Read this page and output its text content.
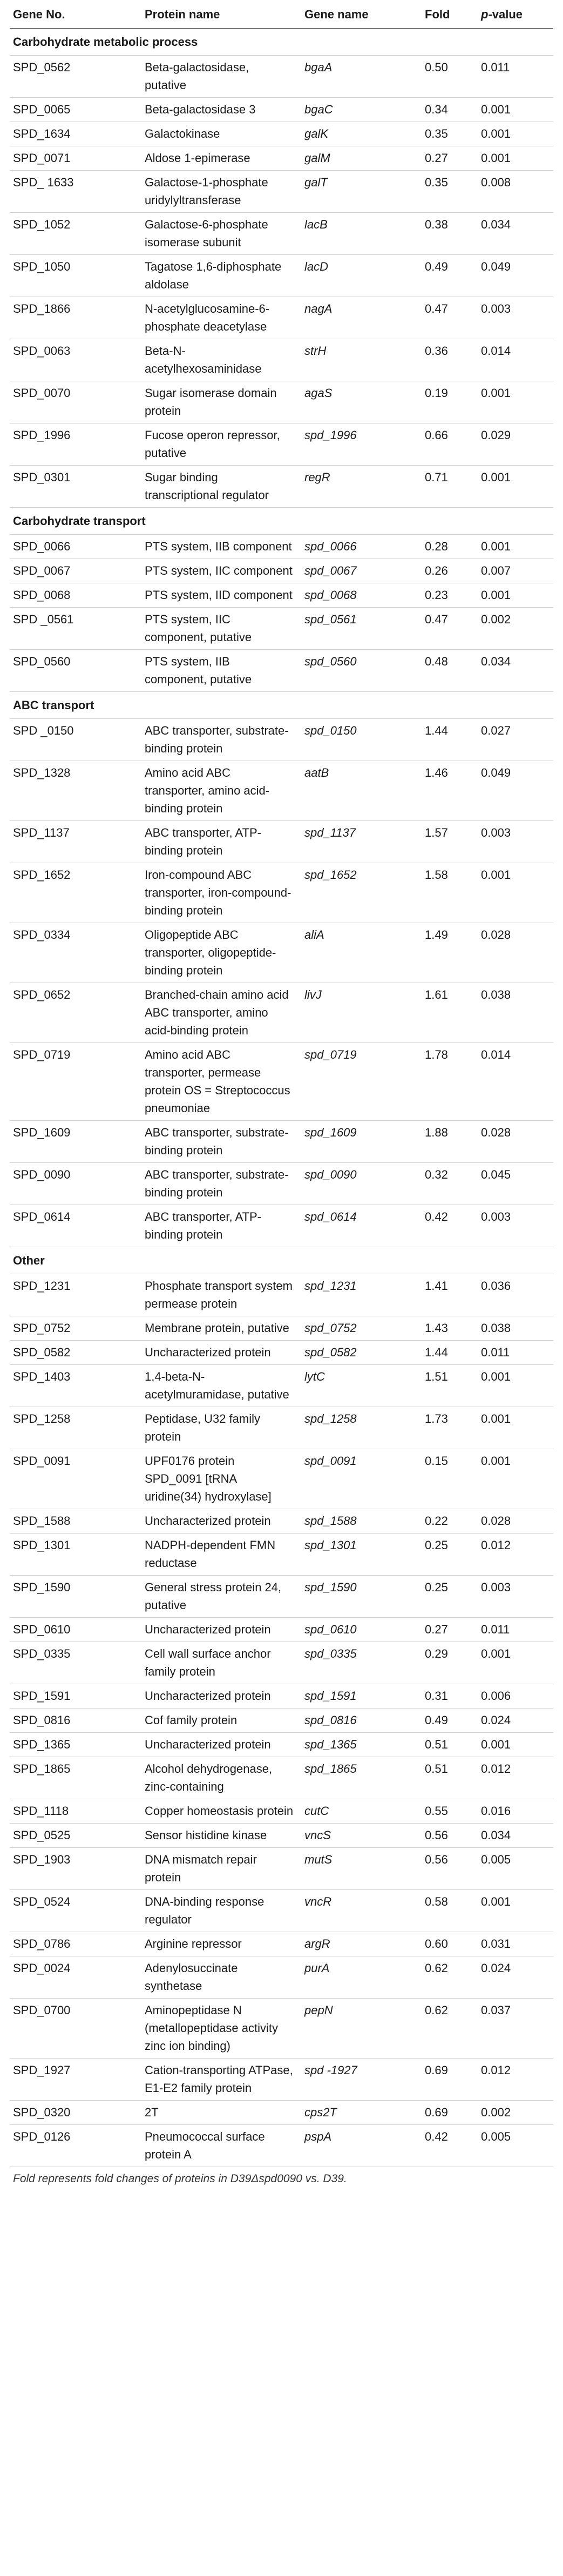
Gene No.	Protein name	Gene name	Fold	p-value
Carbohydrate metabolic process				
SPD_0562	Beta-galactosidase, putative	bgaA	0.50	0.011
SPD_0065	Beta-galactosidase 3	bgaC	0.34	0.001
SPD_1634	Galactokinase	galK	0.35	0.001
SPD_0071	Aldose 1-epimerase	galM	0.27	0.001
SPD_ 1633	Galactose-1-phosphate uridylyltransferase	galT	0.35	0.008
SPD_1052	Galactose-6-phosphate isomerase subunit	lacB	0.38	0.034
SPD_1050	Tagatose 1,6-diphosphate aldolase	lacD	0.49	0.049
SPD_1866	N-acetylglucosamine-6-phosphate deacetylase	nagA	0.47	0.003
SPD_0063	Beta-N-acetylhexosaminidase	strH	0.36	0.014
SPD_0070	Sugar isomerase domain protein	agaS	0.19	0.001
SPD_1996	Fucose operon repressor, putative	spd_1996	0.66	0.029
SPD_0301	Sugar binding transcriptional regulator	regR	0.71	0.001
Carbohydrate transport				
SPD_0066	PTS system, IIB component	spd_0066	0.28	0.001
SPD_0067	PTS system, IIC component	spd_0067	0.26	0.007
SPD_0068	PTS system, IID component	spd_0068	0.23	0.001
SPD _0561	PTS system, IIC component, putative	spd_0561	0.47	0.002
SPD_0560	PTS system, IIB component, putative	spd_0560	0.48	0.034
ABC transport				
SPD _0150	ABC transporter, substrate-binding protein	spd_0150	1.44	0.027
SPD_1328	Amino acid ABC transporter, amino acid-binding protein	aatB	1.46	0.049
SPD_1137	ABC transporter, ATP-binding protein	spd_1137	1.57	0.003
SPD_1652	Iron-compound ABC transporter, iron-compound-binding protein	spd_1652	1.58	0.001
SPD_0334	Oligopeptide ABC transporter, oligopeptide-binding protein	aliA	1.49	0.028
SPD_0652	Branched-chain amino acid ABC transporter, amino acid-binding protein	livJ	1.61	0.038
SPD_0719	Amino acid ABC transporter, permease protein OS = Streptococcus pneumoniae	spd_0719	1.78	0.014
SPD_1609	ABC transporter, substrate-binding protein	spd_1609	1.88	0.028
SPD_0090	ABC transporter, substrate-binding protein	spd_0090	0.32	0.045
SPD_0614	ABC transporter, ATP-binding protein	spd_0614	0.42	0.003
Other				
SPD_1231	Phosphate transport system permease protein	spd_1231	1.41	0.036
SPD_0752	Membrane protein, putative	spd_0752	1.43	0.038
SPD_0582	Uncharacterized protein	spd_0582	1.44	0.011
SPD_1403	1,4-beta-N-acetylmuramidase, putative	lytC	1.51	0.001
SPD_1258	Peptidase, U32 family protein	spd_1258	1.73	0.001
SPD_0091	UPF0176 protein SPD_0091 [tRNA uridine(34) hydroxylase]	spd_0091	0.15	0.001
SPD_1588	Uncharacterized protein	spd_1588	0.22	0.028
SPD_1301	NADPH-dependent FMN reductase	spd_1301	0.25	0.012
SPD_1590	General stress protein 24, putative	spd_1590	0.25	0.003
SPD_0610	Uncharacterized protein	spd_0610	0.27	0.011
SPD_0335	Cell wall surface anchor family protein	spd_0335	0.29	0.001
SPD_1591	Uncharacterized protein	spd_1591	0.31	0.006
SPD_0816	Cof family protein	spd_0816	0.49	0.024
SPD_1365	Uncharacterized protein	spd_1365	0.51	0.001
SPD_1865	Alcohol dehydrogenase, zinc-containing	spd_1865	0.51	0.012
SPD_1118	Copper homeostasis protein	cutC	0.55	0.016
SPD_0525	Sensor histidine kinase	vncS	0.56	0.034
SPD_1903	DNA mismatch repair protein	mutS	0.56	0.005
SPD_0524	DNA-binding response regulator	vncR	0.58	0.001
SPD_0786	Arginine repressor	argR	0.60	0.031
SPD_0024	Adenylosuccinate synthetase	purA	0.62	0.024
SPD_0700	Aminopeptidase N (metallopeptidase activity zinc ion binding)	pepN	0.62	0.037
SPD_1927	Cation-transporting ATPase, E1-E2 family protein	spd -1927	0.69	0.012
SPD_0320	2T	cps2T	0.69	0.002
SPD_0126	Pneumococcal surface protein A	pspA	0.42	0.005
Fold represents fold changes of proteins in D39Δspd0090 vs. D39.
